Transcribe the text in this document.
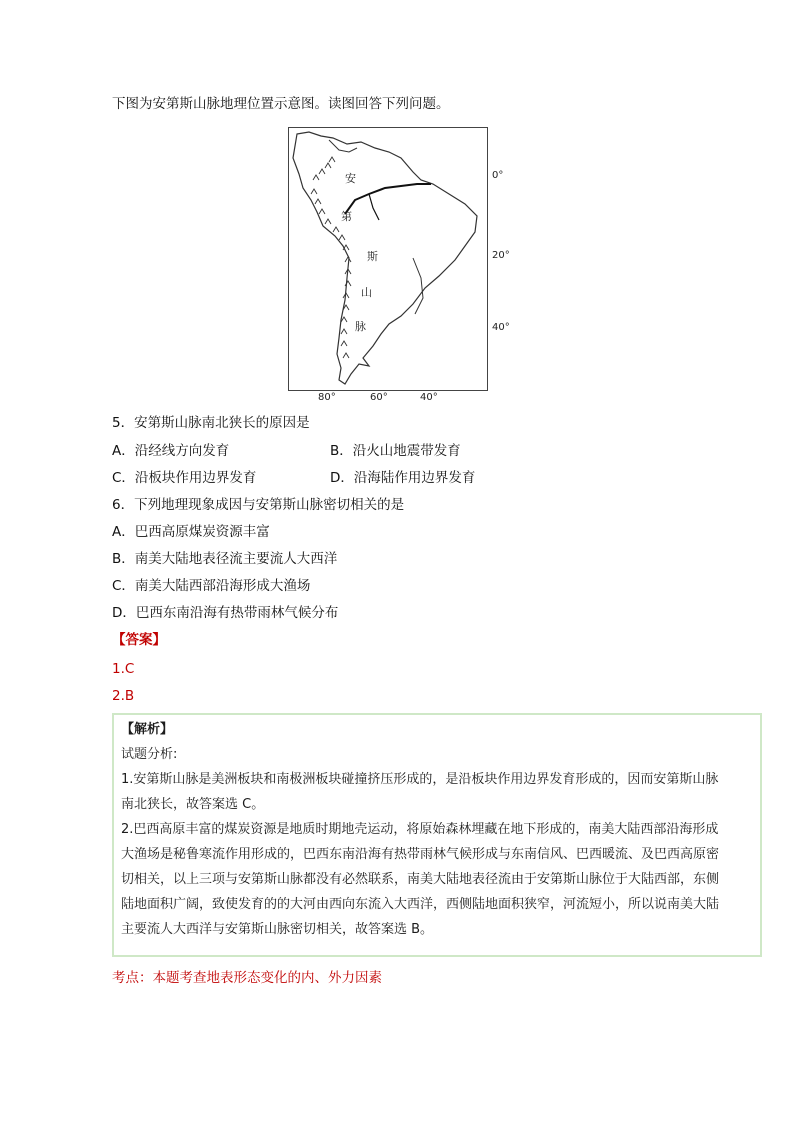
下图为安第斯山脉地理位置示意图。读图回答下列问题。
安
第
斯
山
脉
0°
20°
40°
80°	60°	40°
5．安第斯山脉南北狭长的原因是
A．沿经线方向发育	B．沿火山地震带发育
C．沿板块作用边界发育	D．沿海陆作用边界发育
6．下列地理现象成因与安第斯山脉密切相关的是
A．巴西高原煤炭资源丰富
B．南美大陆地表径流主要流人大西洋
C．南美大陆西部沿海形成大渔场
D．巴西东南沿海有热带雨林气候分布
【答案】
1.C
2.B
【解析】
试题分析:
1.安第斯山脉是美洲板块和南极洲板块碰撞挤压形成的，是沿板块作用边界发育形成的，因而安第斯山脉
南北狭长，故答案选 C。
2.巴西高原丰富的煤炭资源是地质时期地壳运动，将原始森林埋藏在地下形成的，南美大陆西部沿海形成
大渔场是秘鲁寒流作用形成的，巴西东南沿海有热带雨林气候形成与东南信风、巴西暖流、及巴西高原密
切相关，以上三项与安第斯山脉都没有必然联系，南美大陆地表径流由于安第斯山脉位于大陆西部，东侧
陆地面积广阔，致使发育的的大河由西向东流入大西洋，西侧陆地面积狭窄，河流短小，所以说南美大陆
主要流人大西洋与安第斯山脉密切相关，故答案选 B。
考点：本题考查地表形态变化的内、外力因素
